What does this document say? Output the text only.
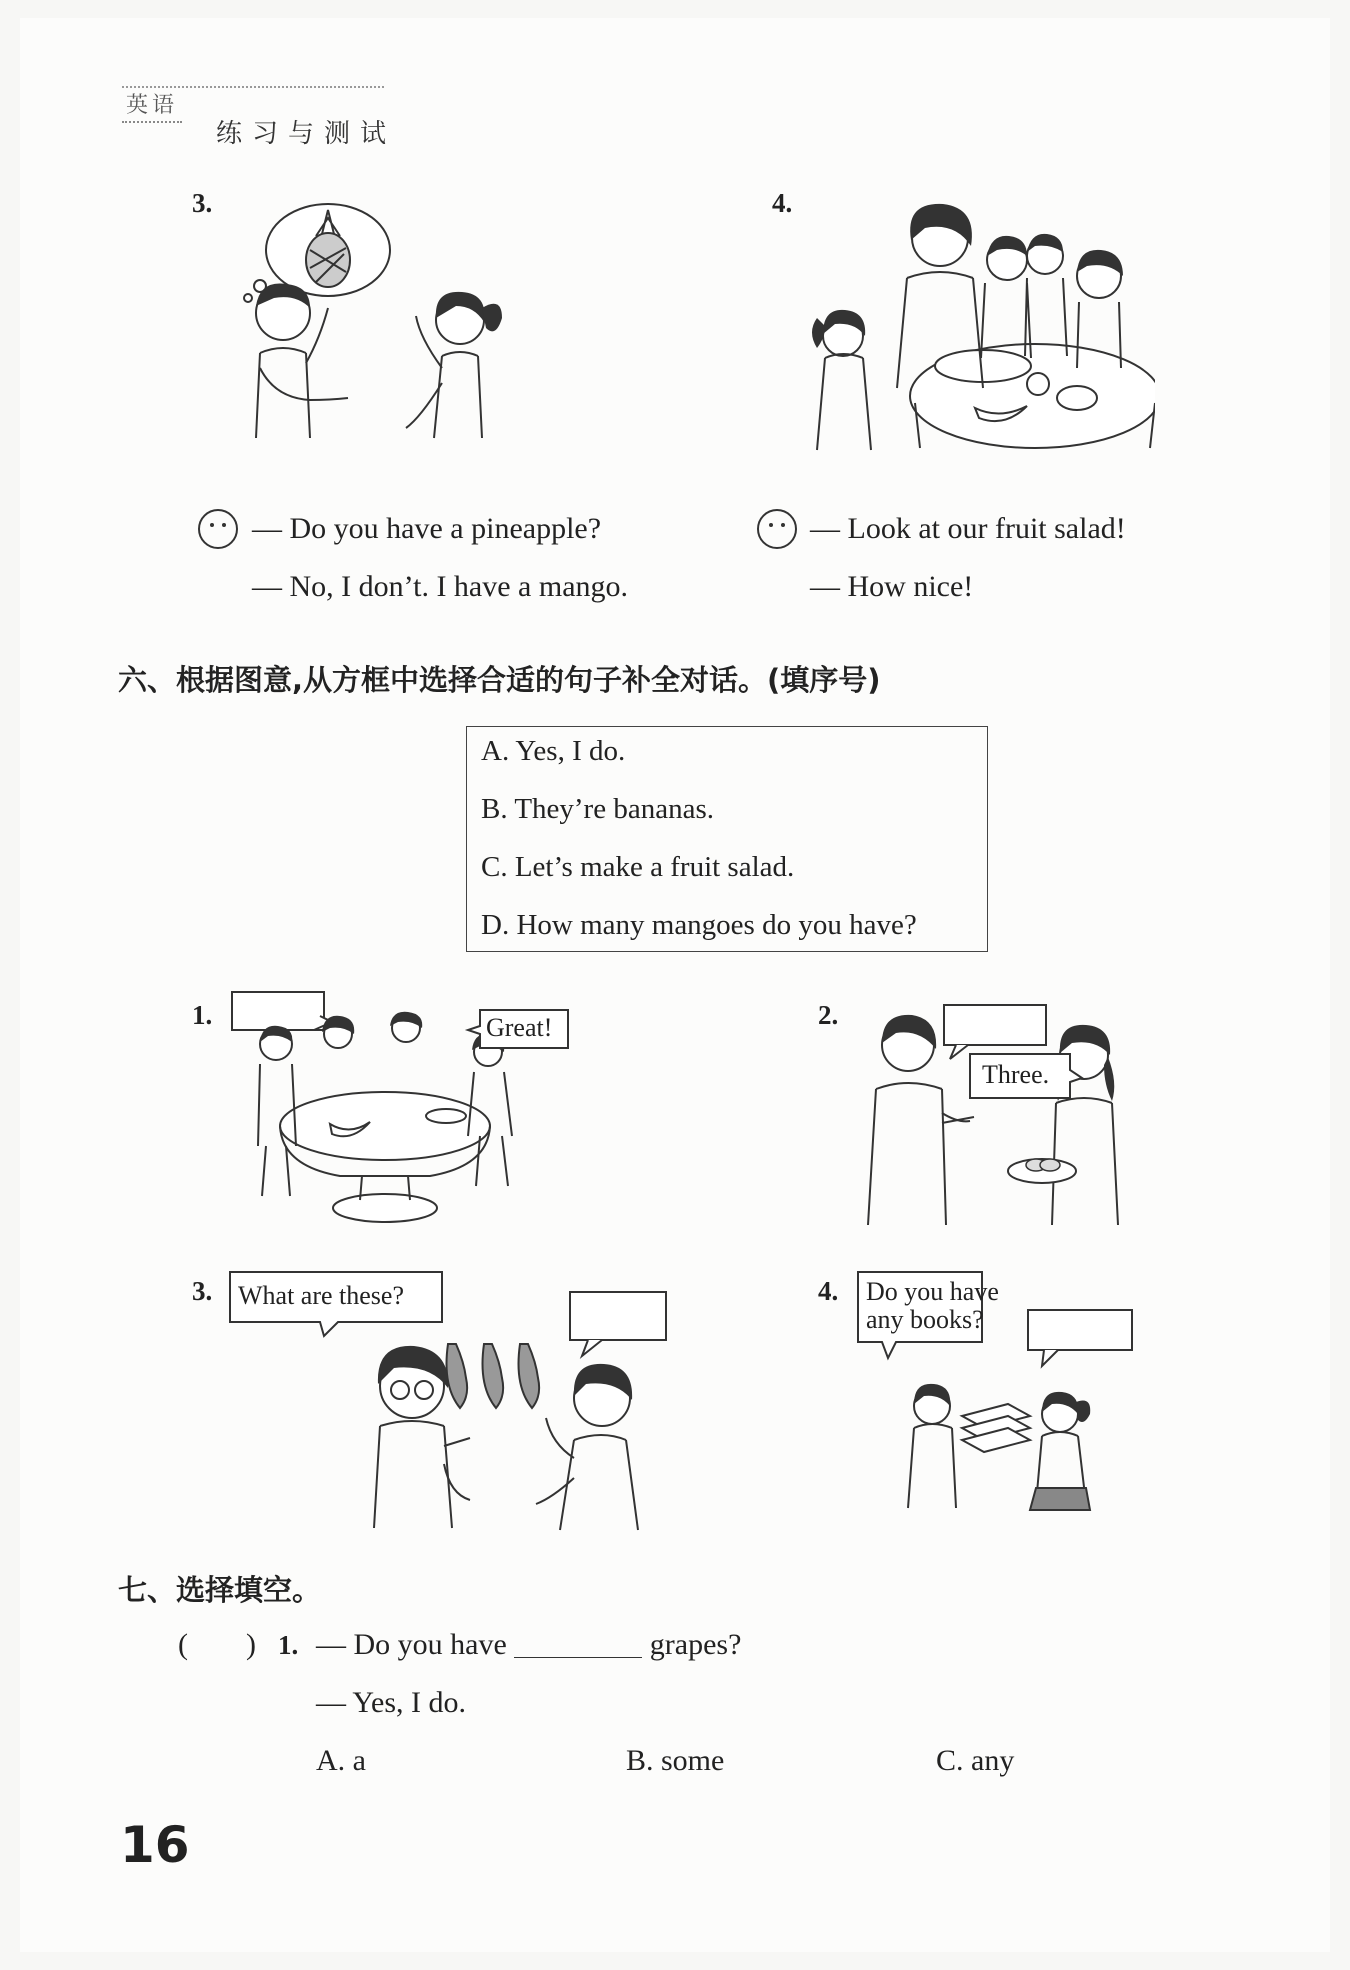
英语
练习与测试
3.	4.
— Do you have a pineapple?
— No, I don’t. I have a mango.
— Look at our fruit salad!
— How nice!
六、根据图意,从方框中选择合适的句子补全对话。(填序号)
A. Yes, I do.
B. They’re bananas.
C. Let’s make a fruit salad.
D. How many mangoes do you have?
1.	Great!	2.
Three.
3. What are these?	4. Do you have
any books?
七、选择填空。
( ) 1. — Do you have	grapes?
— Yes, I do.
A. a	B. some	C. any
16
